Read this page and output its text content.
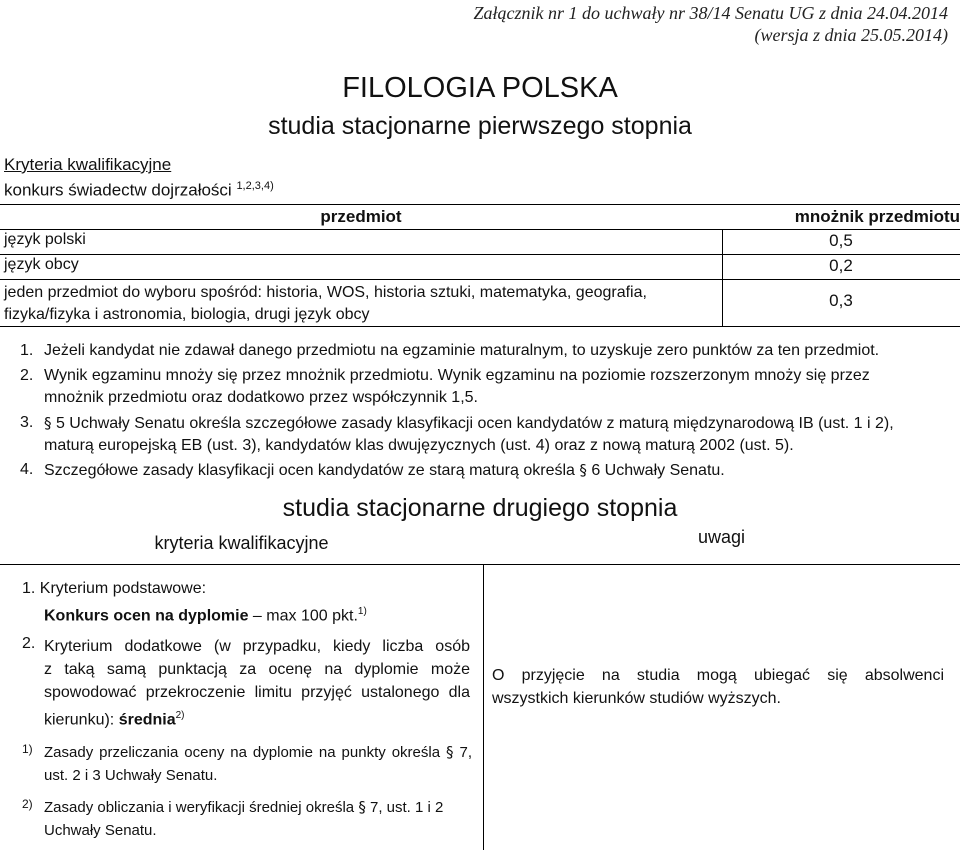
Załącznik nr 1 do uchwały nr 38/14 Senatu UG z dnia 24.04.2014
(wersja z dnia 25.05.2014)
FILOLOGIA POLSKA
studia stacjonarne pierwszego stopnia
Kryteria kwalifikacyjne
konkurs świadectw dojrzałości $^{1,2,3,4)}$
przedmiot	mnożnik przedmiotu
język polski	0,5
język obcy	0,2
jeden przedmiot do wyboru spośród: historia, WOS, historia sztuki, matematyka, geografia,
fizyka/fizyka i astronomia, biologia, drugi język obcy
0,3
1. Jeżeli kandydat nie zdawał danego przedmiotu na egzaminie maturalnym, to uzyskuje zero punktów za ten przedmiot.
2. Wynik egzaminu mnoży się przez mnożnik przedmiotu. Wynik egzaminu na poziomie rozszerzonym mnoży się przez
mnożnik przedmiotu oraz dodatkowo przez współczynnik 1,5.
3. § 5 Uchwały Senatu określa szczegółowe zasady klasyfikacji ocen kandydatów z maturą międzynarodową IB (ust. 1 i 2),
maturą europejską EB (ust. 3), kandydatów klas dwujęzycznych (ust. 4) oraz z nową maturą 2002 (ust. 5).
4. Szczegółowe zasady klasyfikacji ocen kandydatów ze starą maturą określa § 6 Uchwały Senatu.
studia stacjonarne drugiego stopnia
kryteria kwalifikacyjne	uwagi
1. Kryterium podstawowe:
Konkurs ocen na dyplomie – max 100 pkt.$^{1)}$
2. Kryterium dodatkowe (w przypadku, kiedy liczba osób
z taką samą punktacją za ocenę na dyplomie może
spowodować przekroczenie limitu przyjęć ustalonego dla
kierunku): średnia$^{2)}$
1) Zasady przeliczania oceny na dyplomie na punkty określa § 7,
ust. 2 i 3 Uchwały Senatu.
2) Zasady obliczania i weryfikacji średniej określa § 7, ust. 1 i 2
Uchwały Senatu.
O przyjęcie na studia mogą ubiegać się absolwenci
wszystkich kierunków studiów wyższych.
